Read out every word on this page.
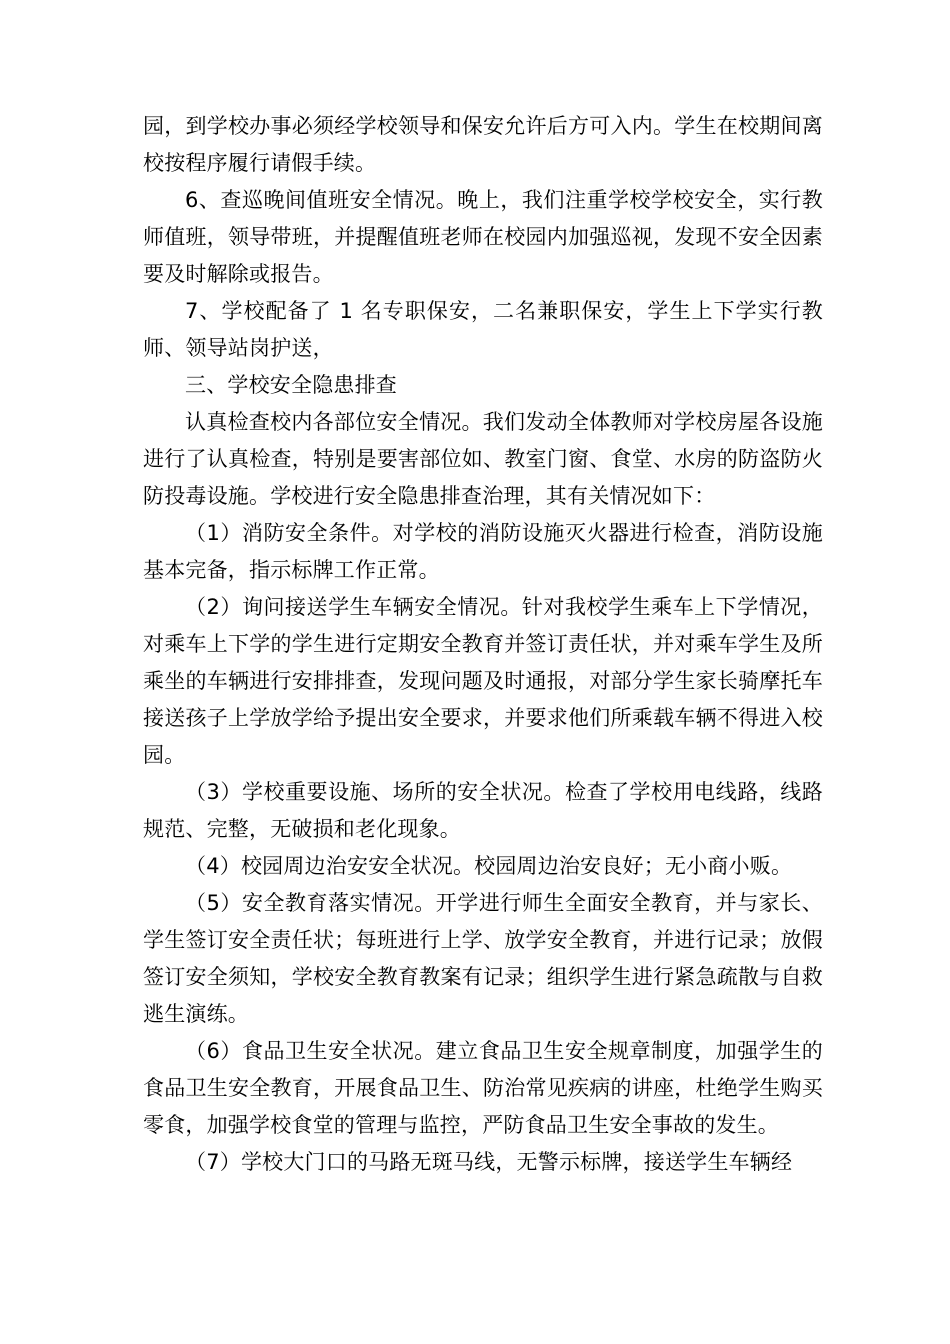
园，到学校办事必须经学校领导和保安允许后方可入内。学生在校期间离校按程序履行请假手续。

6、查巡晚间值班安全情况。晚上，我们注重学校学校安全，实行教师值班，领导带班，并提醒值班老师在校园内加强巡视，发现不安全因素要及时解除或报告。

7、学校配备了 1 名专职保安，二名兼职保安，学生上下学实行教师、领导站岗护送，

三、学校安全隐患排查

认真检查校内各部位安全情况。我们发动全体教师对学校房屋各设施进行了认真检查，特别是要害部位如、教室门窗、食堂、水房的防盗防火防投毒设施。学校进行安全隐患排查治理，其有关情况如下：

（1）消防安全条件。对学校的消防设施灭火器进行检查，消防设施基本完备，指示标牌工作正常。

（2）询问接送学生车辆安全情况。针对我校学生乘车上下学情况，对乘车上下学的学生进行定期安全教育并签订责任状，并对乘车学生及所乘坐的车辆进行安排排查，发现问题及时通报，对部分学生家长骑摩托车接送孩子上学放学给予提出安全要求，并要求他们所乘载车辆不得进入校园。

（3）学校重要设施、场所的安全状况。检查了学校用电线路，线路规范、完整，无破损和老化现象。

（4）校园周边治安安全状况。校园周边治安良好；无小商小贩。

（5）安全教育落实情况。开学进行师生全面安全教育，并与家长、学生签订安全责任状；每班进行上学、放学安全教育，并进行记录；放假签订安全须知，学校安全教育教案有记录；组织学生进行紧急疏散与自救逃生演练。

（6）食品卫生安全状况。建立食品卫生安全规章制度，加强学生的食品卫生安全教育，开展食品卫生、防治常见疾病的讲座，杜绝学生购买零食，加强学校食堂的管理与监控，严防食品卫生安全事故的发生。

（7）学校大门口的马路无斑马线，无警示标牌，接送学生车辆经
